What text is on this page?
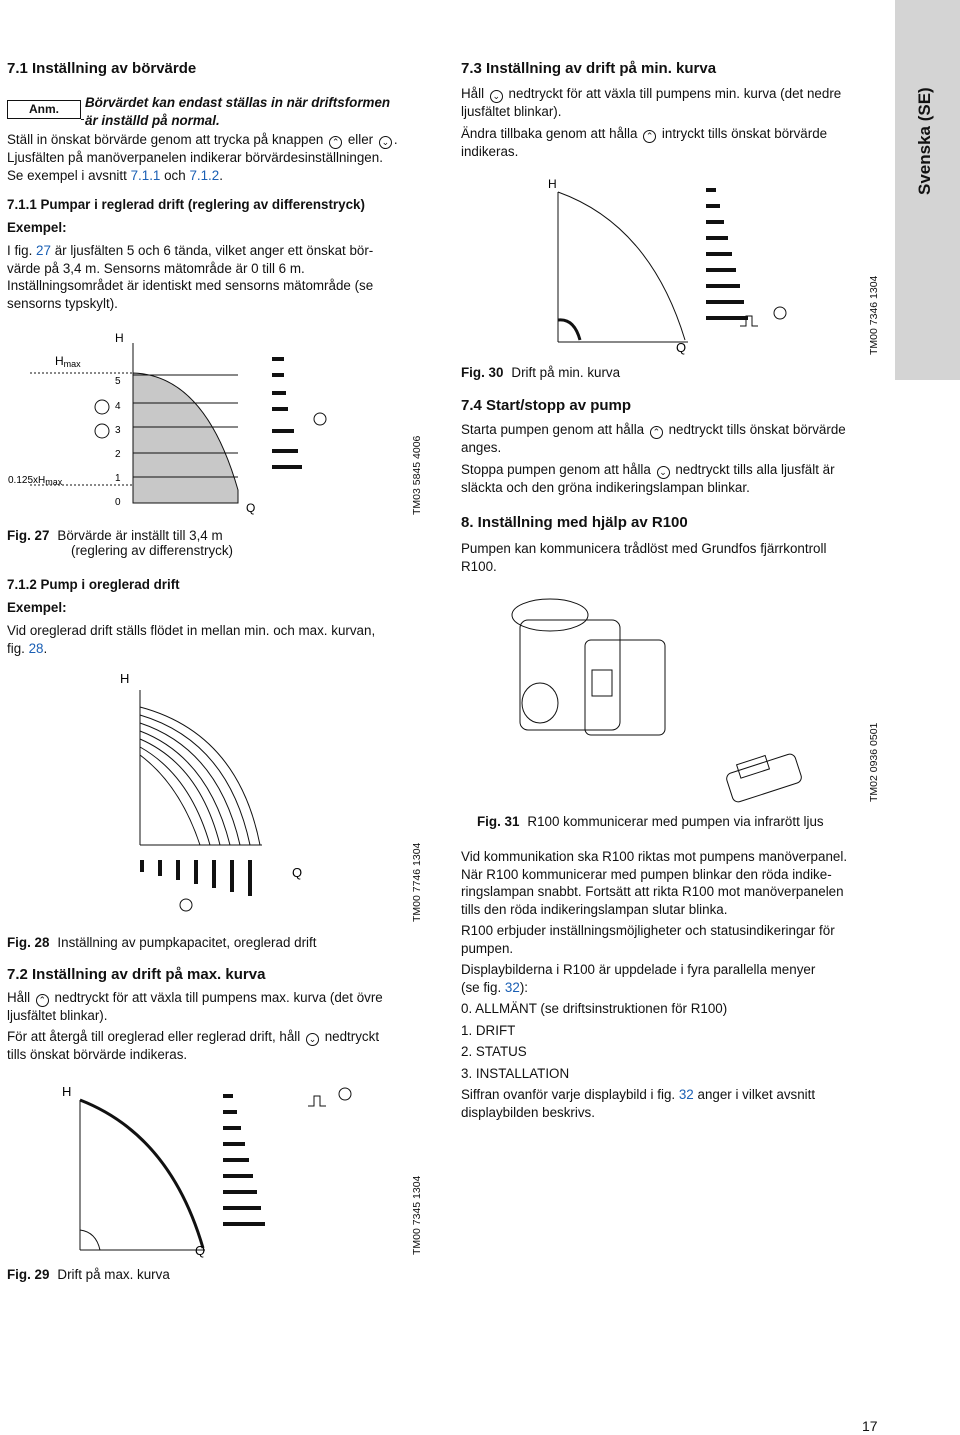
Svenska (SE)
7.1 Inställning av börvärde
Anm.	Börvärdet kan endast ställas in när driftsformen
är inställd på normal.
Ställ in önskat börvärde genom att trycka på knappen ⌃ eller ⌄ .
Ljusfälten på manöverpanelen indikerar börvärdesinställningen.
Se exempel i avsnitt 7.1.1 och 7.1.2.
7.1.1 Pumpar i reglerad drift (reglering av differenstryck)
Exempel:
I fig. 27 är ljusfälten 5 och 6 tända, vilket anger ett önskat bör-
värde på 3,4 m. Sensorns mätområde är 0 till 6 m.
Inställningsområdet är identiskt med sensorns mätområde (se
sensorns typskylt).
H
Hmax
0.125xHmax
5
4
3
2
1
0	Q	TM03 5845 4006
Fig. 27 Börvärde är inställt till 3,4 m
(reglering av differenstryck)
7.1.2 Pump i oreglerad drift
Exempel:
Vid oreglerad drift ställs flödet in mellan min. och max. kurvan,
fig. 28.
H
Q	TM00 7746 1304
Fig. 28 Inställning av pumpkapacitet, oreglerad drift
7.2 Inställning av drift på max. kurva
Håll ⌃ nedtryckt för att växla till pumpens max. kurva (det övre
ljusfältet blinkar).
För att återgå till oreglerad eller reglerad drift, håll ⌄ nedtryckt
tills önskat börvärde indikeras.
H
Q	TM00 7345 1304
Fig. 29 Drift på max. kurva
7.3 Inställning av drift på min. kurva
Håll ⌄ nedtryckt för att växla till pumpens min. kurva (det nedre
ljusfältet blinkar).
Ändra tillbaka genom att hålla ⌃ intryckt tills önskat börvärde
indikeras.
H
Q	TM00 7346 1304
Fig. 30 Drift på min. kurva
7.4 Start/stopp av pump
Starta pumpen genom att hålla ⌃ nedtryckt tills önskat börvärde
anges.
Stoppa pumpen genom att hålla ⌄ nedtryckt tills alla ljusfält är
släckta och den gröna indikeringslampan blinkar.
8. Inställning med hjälp av R100
Pumpen kan kommunicera trådlöst med Grundfos fjärrkontroll
R100.
TM02 0936 0501
Fig. 31 R100 kommunicerar med pumpen via infrarött ljus
Vid kommunikation ska R100 riktas mot pumpens manöverpanel.
När R100 kommunicerar med pumpen blinkar den röda indike-
ringslampan snabbt. Fortsätt att rikta R100 mot manöverpanelen
tills den röda indikeringslampan slutar blinka.
R100 erbjuder inställningsmöjligheter och statusindikeringar för
pumpen.
Displaybilderna i R100 är uppdelade i fyra parallella menyer
(se fig. 32):
0. ALLMÄNT (se driftsinstruktionen för R100)
1. DRIFT
2. STATUS
3. INSTALLATION
Siffran ovanför varje displaybild i fig. 32 anger i vilket avsnitt
displaybilden beskrivs.
17
